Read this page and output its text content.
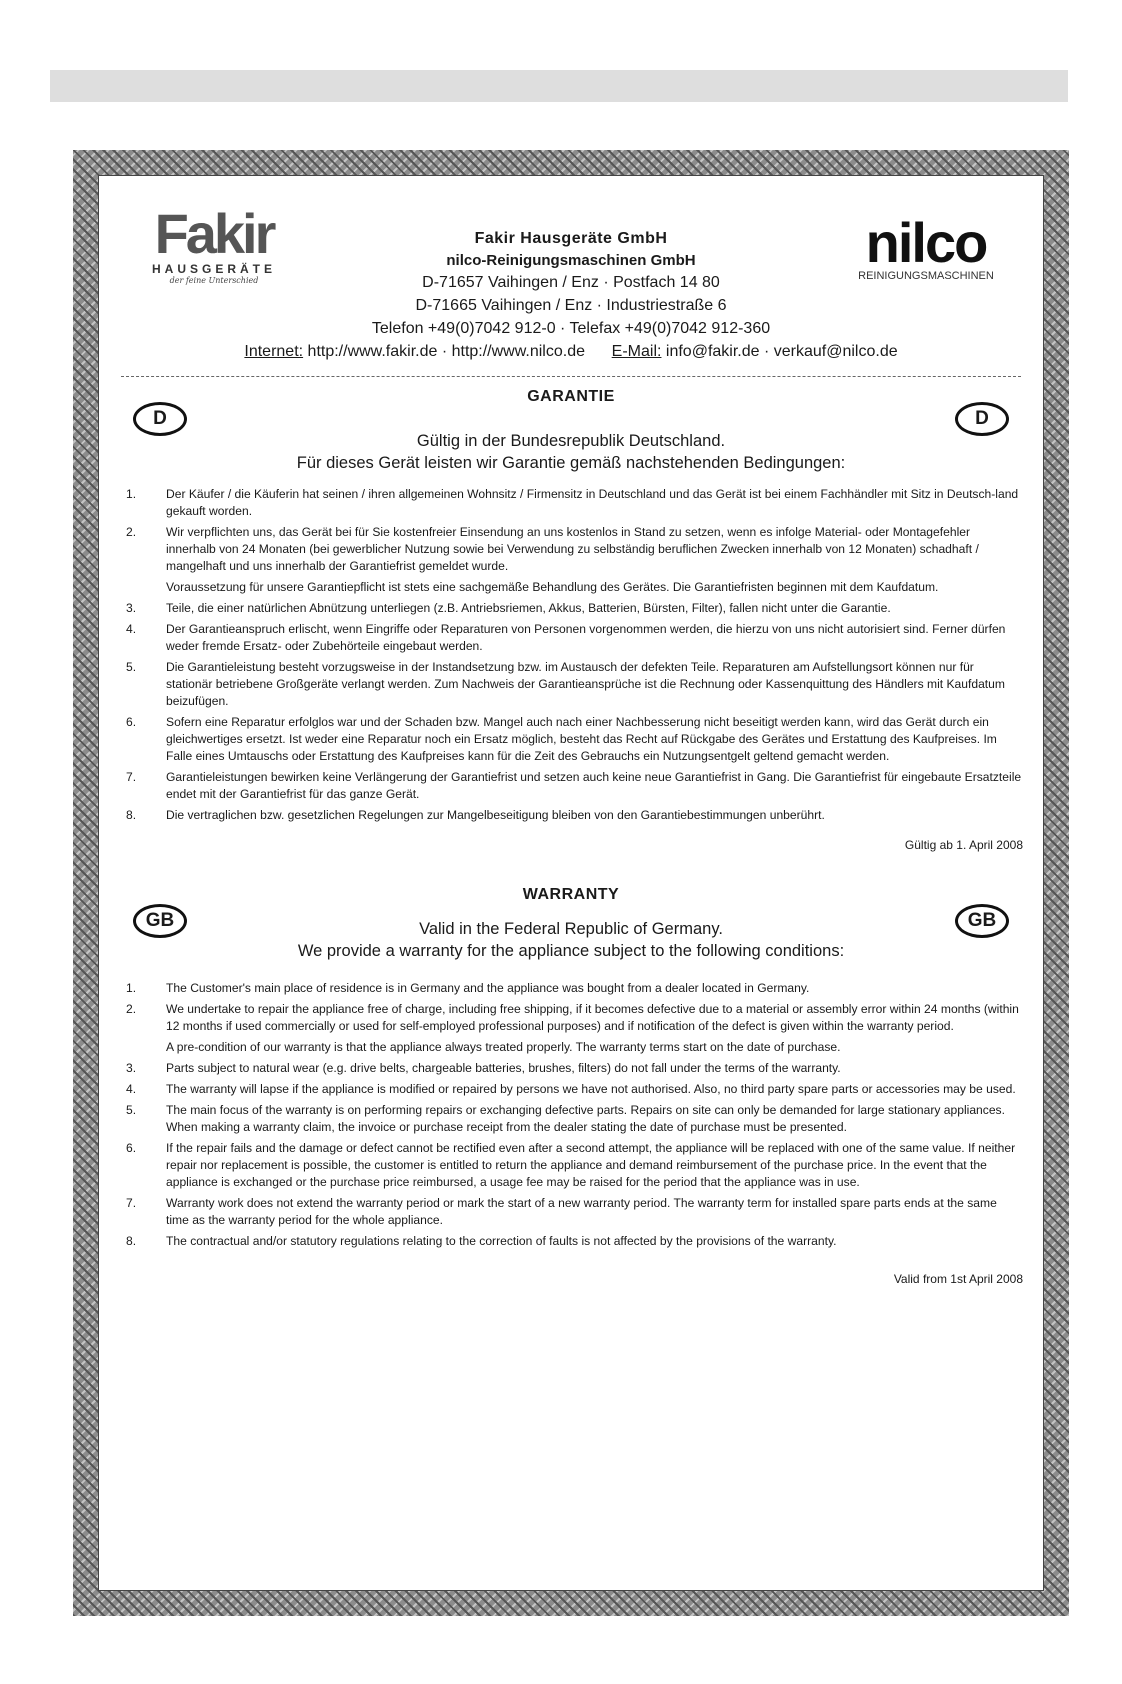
Fakir
HAUSGERÄTE
der feine Unterschied
Fakir Hausgeräte GmbH
nilco-Reinigungsmaschinen GmbH
D-71657 Vaihingen / Enz · Postfach 14 80
D-71665 Vaihingen / Enz · Industriestraße 6
Telefon +49(0)7042 912-0 · Telefax +49(0)7042 912-360
Internet: http://www.fakir.de · http://www.nilco.de E-Mail: info@fakir.de · verkauf@nilco.de
nilco
REINIGUNGSMASCHINEN
GARANTIE
D	D
Gültig in der Bundesrepublik Deutschland.
Für dieses Gerät leisten wir Garantie gemäß nachstehenden Bedingungen:
1.	Der Käufer / die Käuferin hat seinen / ihren allgemeinen Wohnsitz / Firmensitz in Deutschland und das Gerät ist bei einem Fachhändler mit Sitz in Deutsch-land gekauft worden.
2.	Wir verpflichten uns, das Gerät bei für Sie kostenfreier Einsendung an uns kostenlos in Stand zu setzen, wenn es infolge Material- oder Montagefehler innerhalb von 24 Monaten (bei gewerblicher Nutzung sowie bei Verwendung zu selbständig beruflichen Zwecken innerhalb von 12 Monaten) schadhaft / mangelhaft und uns innerhalb der Garantiefrist gemeldet wurde.
Voraussetzung für unsere Garantiepflicht ist stets eine sachgemäße Behandlung des Gerätes. Die Garantiefristen beginnen mit dem Kaufdatum.
3.	Teile, die einer natürlichen Abnützung unterliegen (z.B. Antriebsriemen, Akkus, Batterien, Bürsten, Filter), fallen nicht unter die Garantie.
4.	Der Garantieanspruch erlischt, wenn Eingriffe oder Reparaturen von Personen vorgenommen werden, die hierzu von uns nicht autorisiert sind. Ferner dürfen weder fremde Ersatz- oder Zubehörteile eingebaut werden.
5.	Die Garantieleistung besteht vorzugsweise in der Instandsetzung bzw. im Austausch der defekten Teile. Reparaturen am Aufstellungsort können nur für stationär betriebene Großgeräte verlangt werden. Zum Nachweis der Garantieansprüche ist die Rechnung oder Kassenquittung des Händlers mit Kaufdatum beizufügen.
6.	Sofern eine Reparatur erfolglos war und der Schaden bzw. Mangel auch nach einer Nachbesserung nicht beseitigt werden kann, wird das Gerät durch ein gleichwertiges ersetzt. Ist weder eine Reparatur noch ein Ersatz möglich, besteht das Recht auf Rückgabe des Gerätes und Erstattung des Kaufpreises. Im Falle eines Umtauschs oder Erstattung des Kaufpreises kann für die Zeit des Gebrauchs ein Nutzungsentgelt geltend gemacht werden.
7.	Garantieleistungen bewirken keine Verlängerung der Garantiefrist und setzen auch keine neue Garantiefrist in Gang. Die Garantiefrist für eingebaute Ersatzteile endet mit der Garantiefrist für das ganze Gerät.
8.	Die vertraglichen bzw. gesetzlichen Regelungen zur Mangelbeseitigung bleiben von den Garantiebestimmungen unberührt.
Gültig ab 1. April 2008
WARRANTY
GB	GB
Valid in the Federal Republic of Germany.
We provide a warranty for the appliance subject to the following conditions:
1.	The Customer's main place of residence is in Germany and the appliance was bought from a dealer located in Germany.
2.	We undertake to repair the appliance free of charge, including free shipping, if it becomes defective due to a material or assembly error within 24 months (within 12 months if used commercially or used for self-employed professional purposes) and if notification of the defect is given within the warranty period.
A pre-condition of our warranty is that the appliance always treated properly. The warranty terms start on the date of purchase.
3.	Parts subject to natural wear (e.g. drive belts, chargeable batteries, brushes, filters) do not fall under the terms of the warranty.
4.	The warranty will lapse if the appliance is modified or repaired by persons we have not authorised. Also, no third party spare parts or accessories may be used.
5.	The main focus of the warranty is on performing repairs or exchanging defective parts. Repairs on site can only be demanded for large stationary appliances. When making a warranty claim, the invoice or purchase receipt from the dealer stating the date of purchase must be presented.
6.	If the repair fails and the damage or defect cannot be rectified even after a second attempt, the appliance will be replaced with one of the same value. If neither repair nor replacement is possible, the customer is entitled to return the appliance and demand reimbursement of the purchase price. In the event that the appliance is exchanged or the purchase price reimbursed, a usage fee may be raised for the period that the appliance was in use.
7.	Warranty work does not extend the warranty period or mark the start of a new warranty period. The warranty term for installed spare parts ends at the same time as the warranty period for the whole appliance.
8.	The contractual and/or statutory regulations relating to the correction of faults is not affected by the provisions of the warranty.
Valid from 1st April 2008
